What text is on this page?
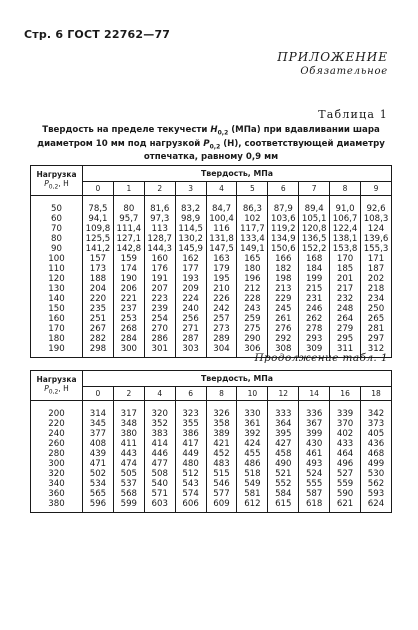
Стр. 6 ГОСТ 22762—77
ПРИЛОЖЕНИЕ
Обязательное
Таблица 1
Твердость на пределе текучести $H_{0,2}$ (МПа) при вдавливании шара
диаметром 10 мм под нагрузкой $P_{0,2}$ (Н), соответствующей диаметру
отпечатка, равному 0,9 мм
Нагрузка
$P_{0,2}$, Н	Твердость, МПа									
	0	1	2	3	4	5	6	7	8	9
50	78,5	80	81,6	83,2	84,7	86,3	87,9	89,4	91,0	92,6
60	94,1	95,7	97,3	98,9	100,4	102	103,6	105,1	106,7	108,3
70	109,8	111,4	113	114,5	116	117,7	119,2	120,8	122,4	124
80	125,5	127,1	128,7	130,2	131,8	133,4	134,9	136,5	138,1	139,6
90	141,2	142,8	144,3	145,9	147,5	149,1	150,6	152,2	153,8	155,3
100	157	159	160	162	163	165	166	168	170	171
110	173	174	176	177	179	180	182	184	185	187
120	188	190	191	193	195	196	198	199	201	202
130	204	206	207	209	210	212	213	215	217	218
140	220	221	223	224	226	228	229	231	232	234
150	235	237	239	240	242	243	245	246	248	250
160	251	253	254	256	257	259	261	262	264	265
170	267	268	270	271	273	275	276	278	279	281
180	282	284	286	287	289	290	292	293	295	297
190	298	300	301	303	304	306	308	309	311	312
Продолжение табл. 1
Нагрузка
$P_{0,2}$, Н	Твердость, МПа									
	0	2	4	6	8	10	12	14	16	18
200	314	317	320	323	326	330	333	336	339	342
220	345	348	352	355	358	361	364	367	370	373
240	377	380	383	386	389	392	395	399	402	405
260	408	411	414	417	421	424	427	430	433	436
280	439	443	446	449	452	455	458	461	464	468
300	471	474	477	480	483	486	490	493	496	499
320	502	505	508	512	515	518	521	524	527	530
340	534	537	540	543	546	549	552	555	559	562
360	565	568	571	574	577	581	584	587	590	593
380	596	599	603	606	609	612	615	618	621	624
